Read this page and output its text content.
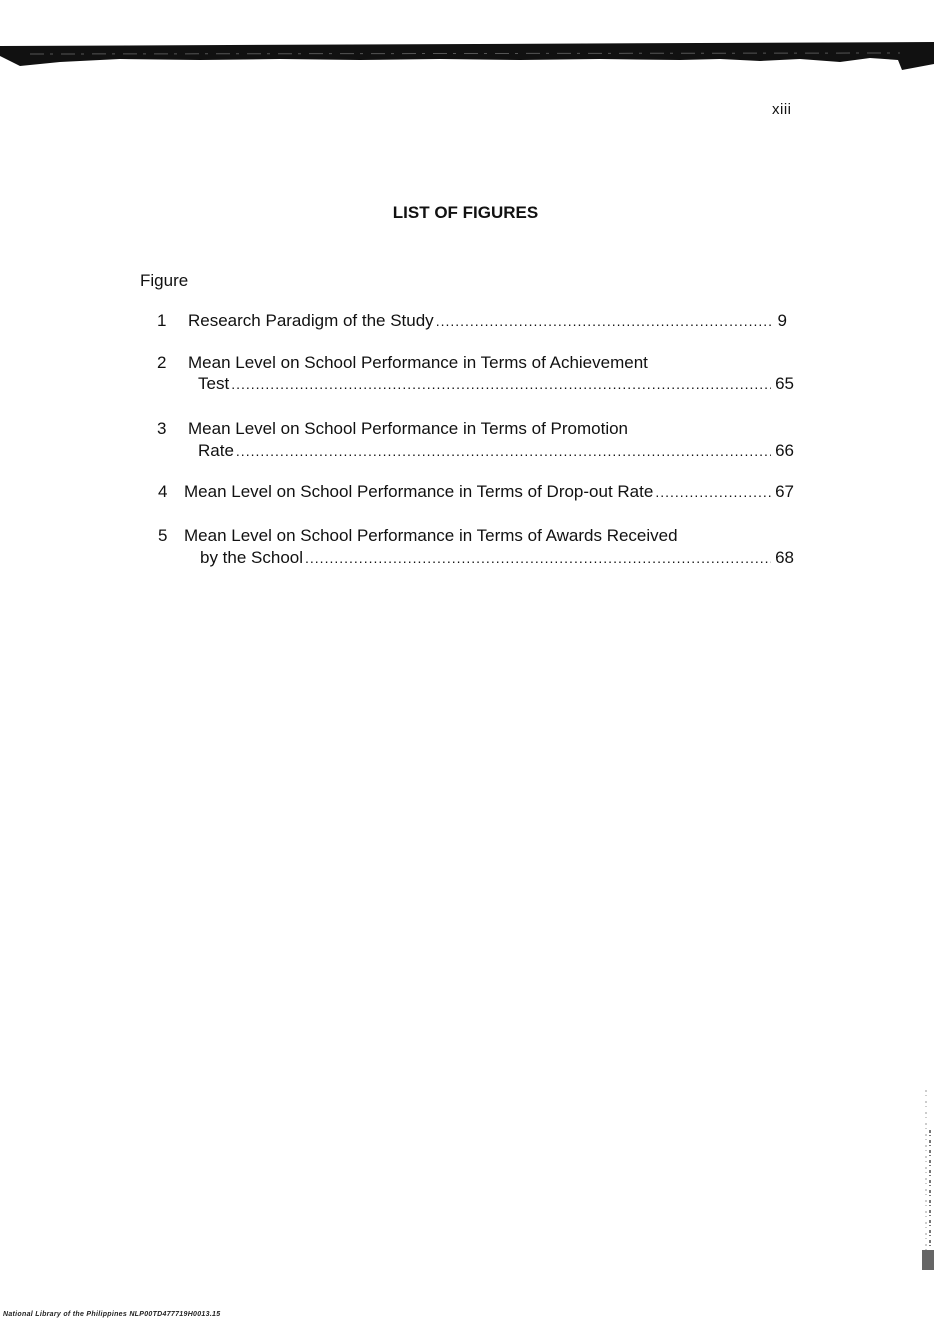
xiii
LIST OF FIGURES
Figure
1 Research Paradigm of the Study .....	9
2 Mean Level on School Performance in Terms of Achievement
Test .....	65
3 Mean Level on School Performance in Terms of Promotion
Rate .....	66
4 Mean Level on School Performance in Terms of Drop-out Rate .....	67
5 Mean Level on School Performance in Terms of Awards Received
by the School .....	68
National Library of the Philippines NLP00TD477719H0013.15
